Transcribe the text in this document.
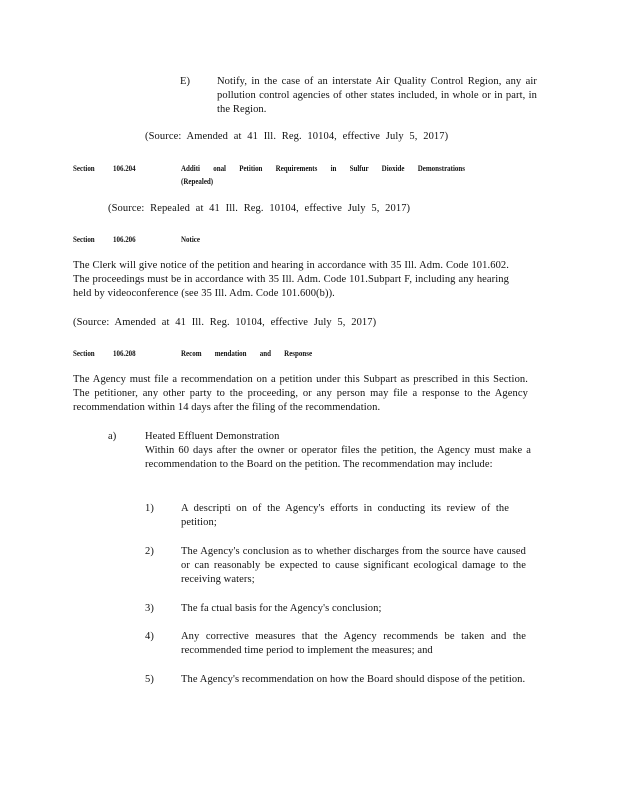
E)	Notify, in the case of an interstate Air Quality Control Region, any air pollution control agencies of other states included, in whole or in part, in the Region.

(Source: Amended at 41 Ill. Reg. 10104, effective July 5, 2017)

Section 106.204	Additi onal Petition Requirements in Sulfur Dioxide Demonstrations
(Repealed)

(Source: Repealed at 41 Ill. Reg. 10104, effective July 5, 2017)

Section 106.206	Notice

The Clerk will give notice of the petition and hearing in accordance with 35 Ill. Adm. Code 101.602. The proceedings must be in accordance with 35 Ill. Adm. Code 101.Subpart F, including any hearing held by videoconference (see 35 Ill. Adm. Code 101.600(b)).

(Source: Amended at 41 Ill. Reg. 10104, effective July 5, 2017)

Section 106.208	Recom mendation and Response

The Agency must file a recommendation on a petition under this Subpart as prescribed in this Section. The petitioner, any other party to the proceeding, or any person may file a response to the Agency recommendation within 14 days after the filing of the recommendation.

a)	Heated Effluent Demonstration

Within 60 days after the owner or operator files the petition, the Agency must make a recommendation to the Board on the petition. The recommendation may include:

1)	A descripti on of the Agency's efforts in conducting its review of the petition;

2)	The Agency's conclusion as to whether discharges from the source have caused or can reasonably be expected to cause significant ecological damage to the receiving waters;

3)	The fa ctual basis for the Agency's conclusion;

4)	Any corrective measures that the Agency recommends be taken and the recommended time period to implement the measures; and

5)	The Agency's recommendation on how the Board should dispose of the petition.
